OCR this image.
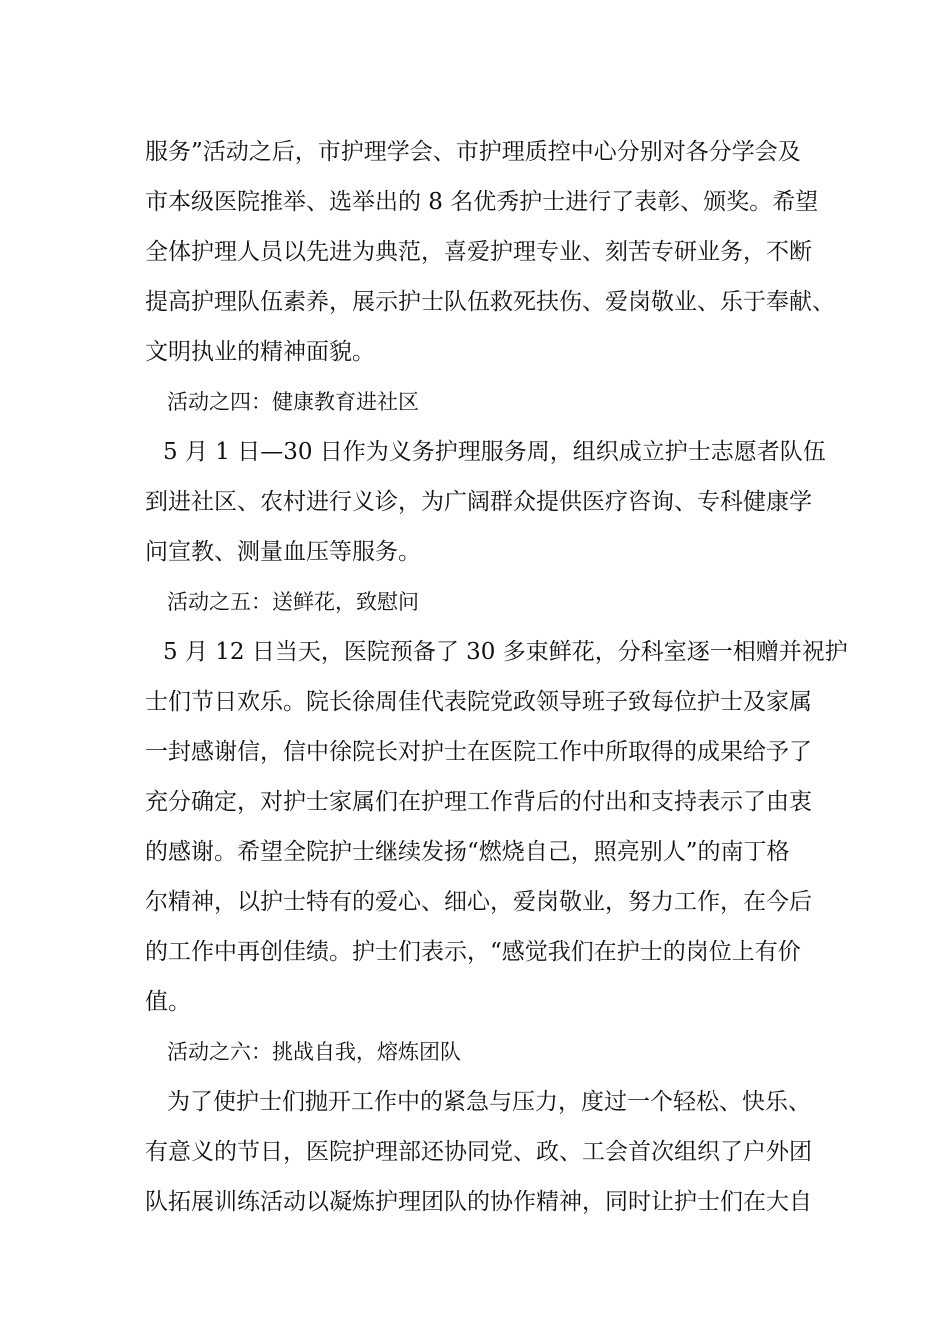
服务”活动之后，市护理学会、市护理质控中心分别对各分学会及
市本级医院推举、选举出的 8 名优秀护士进行了表彰、颁奖。希望
全体护理人员以先进为典范，喜爱护理专业、刻苦专研业务，不断
提高护理队伍素养，展示护士队伍救死扶伤、爱岗敬业、乐于奉献、
文明执业的精神面貌。
活动之四：健康教育进社区
5 月 1 日—30 日作为义务护理服务周，组织成立护士志愿者队伍
到进社区、农村进行义诊，为广阔群众提供医疗咨询、专科健康学
问宣教、测量血压等服务。
活动之五：送鲜花，致慰问
5 月 12 日当天，医院预备了 30 多束鲜花，分科室逐一相赠并祝护
士们节日欢乐。院长徐周佳代表院党政领导班子致每位护士及家属
一封感谢信，信中徐院长对护士在医院工作中所取得的成果给予了
充分确定，对护士家属们在护理工作背后的付出和支持表示了由衷
的感谢。希望全院护士继续发扬“燃烧自己，照亮别人”的南丁格
尔精神，以护士特有的爱心、细心，爱岗敬业，努力工作，在今后
的工作中再创佳绩。护士们表示，“感觉我们在护士的岗位上有价
值。
活动之六：挑战自我，熔炼团队
为了使护士们抛开工作中的紧急与压力，度过一个轻松、快乐、
有意义的节日，医院护理部还协同党、政、工会首次组织了户外团
队拓展训练活动以凝炼护理团队的协作精神，同时让护士们在大自
